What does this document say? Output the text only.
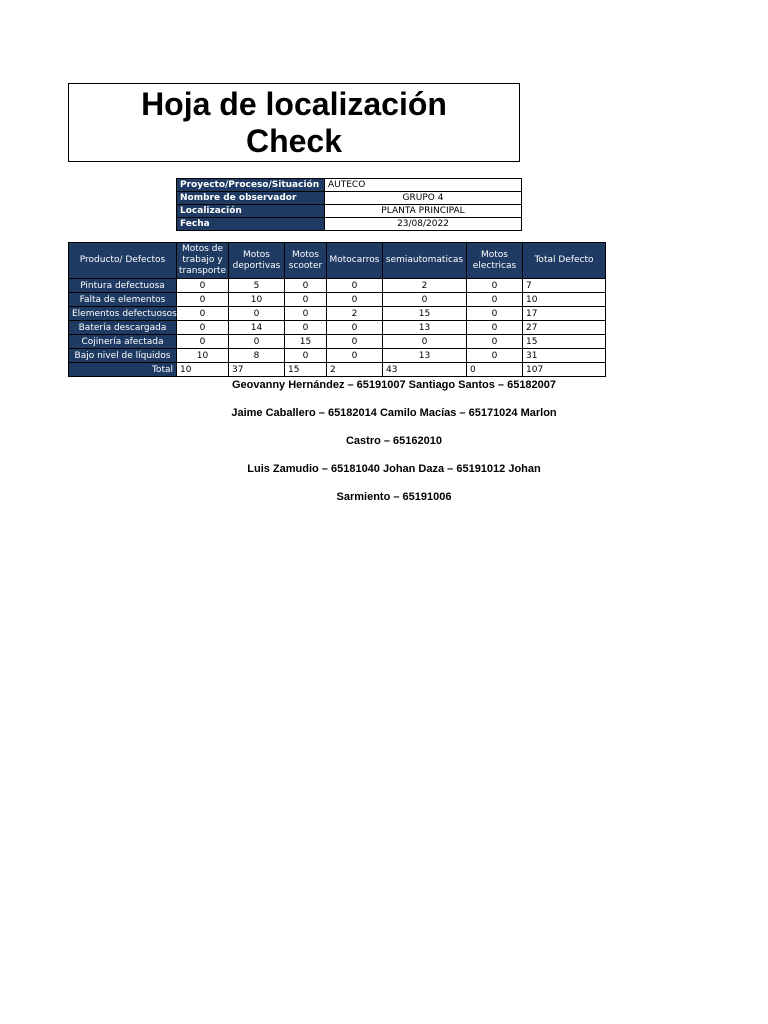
Hoja de localización
Check
Proyecto/Proceso/Situación	AUTECO
Nombre de observador	GRUPO 4
Localización	PLANTA PRINCIPAL
Fecha	23/08/2022
Producto/ Defectos	Motos de trabajo y transporte	Motos deportivas	Motos scooter	Motocarros	semiautomaticas	Motos electricas	Total Defecto
Pintura defectuosa	0	5	0	0	2	0	7
Falta de elementos	0	10	0	0	0	0	10
Elementos defectuosos	0	0	0	2	15	0	17
Batería descargada	0	14	0	0	13	0	27
Cojinería afectada	0	0	15	0	0	0	15
Bajo nivel de líquidos	10	8	0	0	13	0	31
Total	10	37	15	2	43	0	107

Geovanny Hernández – 65191007 Santiago Santos – 65182007

Jaime Caballero – 65182014 Camilo Macías – 65171024 Marlon

Castro – 65162010

Luis Zamudio – 65181040 Johan Daza – 65191012 Johan

Sarmiento – 65191006
